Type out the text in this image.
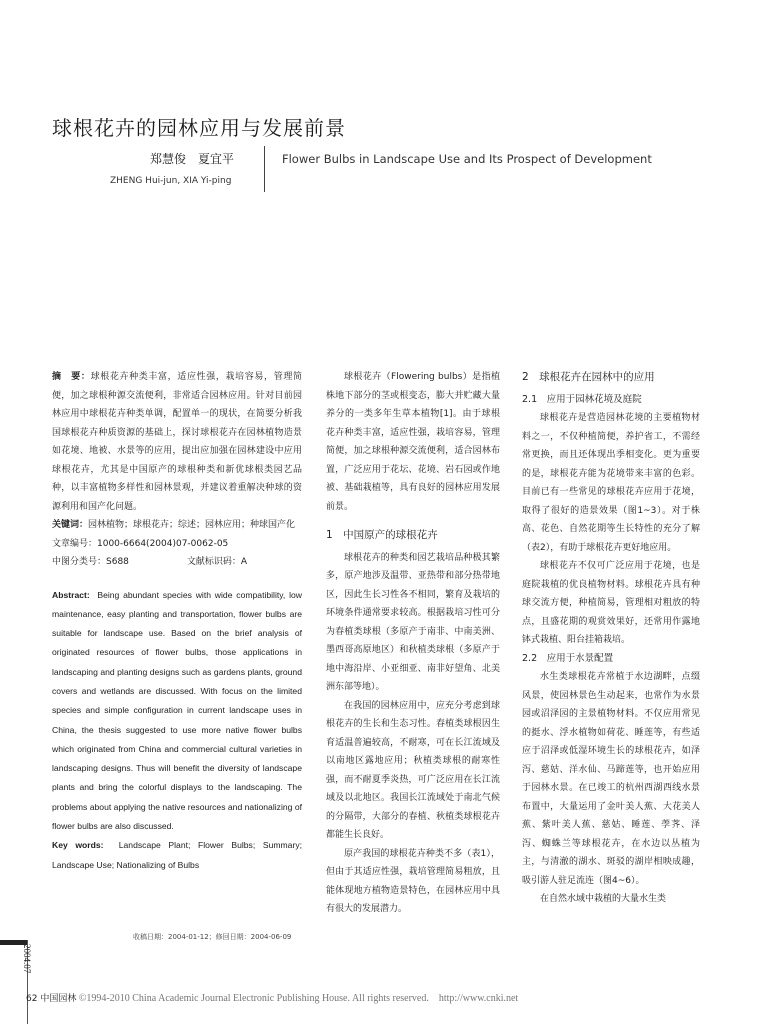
球根花卉的园林应用与发展前景
郑慧俊　夏宜平
ZHENG Hui-jun, XIA Yi-ping
Flower Bulbs in Landscape Use and Its Prospect of Development

摘　要：球根花卉种类丰富，适应性强，栽培容易，管理简便，加之球根种源交流便利，非常适合园林应用。针对目前园林应用中球根花卉种类单调，配置单一的现状，在简要分析我国球根花卉种质资源的基础上，探讨球根花卉在园林植物造景如花境、地被、水景等的应用，提出应加强在园林建设中应用球根花卉，尤其是中国原产的球根种类和新优球根类园艺品种，以丰富植物多样性和园林景观，并建议着重解决种球的资源利用和国产化问题。

关键词：园林植物；球根花卉；综述；园林应用；种球国产化

文章编号：1000-6664(2004)07-0062-05

中图分类号：S688	文献标识码：A

Abstract: Being abundant species with wide compatibility, low maintenance, easy planting and transportation, flower bulbs are suitable for landscape use. Based on the brief analysis of originated resources of flower bulbs, those applications in landscaping and planting designs such as gardens plants, ground covers and wetlands are discussed. With focus on the limited species and simple configuration in current landscape uses in China, the thesis suggested to use more native flower bulbs which originated from China and commercial cultural varieties in landscaping designs. Thus will benefit the diversity of landscape plants and bring the colorful displays to the landscaping. The problems about applying the native resources and nationalizing of flower bulbs are also discussed.

Key words: Landscape Plant; Flower Bulbs; Summary; Landscape Use; Nationalizing of Bulbs

球根花卉（Flowering bulbs）是指植株地下部分的茎或根变态，膨大并贮藏大量养分的一类多年生草本植物[1]。由于球根花卉种类丰富，适应性强，栽培容易，管理简便，加之球根种源交流便利，适合园林布置，广泛应用于花坛、花境、岩石园或作地被、基础栽植等，具有良好的园林应用发展前景。

1　中国原产的球根花卉

球根花卉的种类和园艺栽培品种极其繁多，原产地涉及温带、亚热带和部分热带地区，因此生长习性各不相同，繁育及栽培的环境条件通常要求较高。根据栽培习性可分为春植类球根（多原产于南非、中南美洲、墨西哥高原地区）和秋植类球根（多原产于地中海沿岸、小亚细亚、南非好望角、北美洲东部等地）。

在我国的园林应用中，应充分考虑到球根花卉的生长和生态习性。春植类球根因生育适温普遍较高，不耐寒，可在长江流域及以南地区露地应用；秋植类球根的耐寒性强，而不耐夏季炎热，可广泛应用在长江流域及以北地区。我国长江流域处于南北气候的分隔带，大部分的春植、秋植类球根花卉都能生长良好。

原产我国的球根花卉种类不多（表1），但由于其适应性强，栽培管理简易粗放，且能体现地方植物造景特色，在园林应用中具有很大的发展潜力。

2　球根花卉在园林中的应用

2.1　应用于园林花境及庭院

球根花卉是营造园林花境的主要植物材料之一，不仅种植简便，养护省工，不需经常更换，而且还体现出季相变化。更为重要的是，球根花卉能为花境带来丰富的色彩。目前已有一些常见的球根花卉应用于花境，取得了很好的造景效果（图1~3）。对于株高、花色、自然花期等生长特性的充分了解（表2），有助于球根花卉更好地应用。

球根花卉不仅可广泛应用于花境，也是庭院栽植的优良植物材料。球根花卉具有种球交流方便，种植简易，管理相对粗放的特点，且盛花期的观赏效果好，还常用作露地钵式栽植、阳台挂箱栽培。

2.2　应用于水景配置

水生类球根花卉常植于水边湖畔，点缀风景，使园林景色生动起来，也常作为水景园或沼泽园的主景植物材料。不仅应用常见的挺水、浮水植物如荷花、睡莲等，有些适应于沼泽或低湿环境生长的球根花卉，如泽泻、慈姑、洋水仙、马蹄莲等，也开始应用于园林水景。在已竣工的杭州西湖西线水景布置中，大量运用了金叶美人蕉、大花美人蕉、紫叶美人蕉、慈姑、睡莲、荸荠、泽泻、蜘蛛兰等球根花卉，在水边以丛植为主，与清澈的湖水、斑驳的湖岸相映成趣，吸引游人驻足流连（图4~6）。

在自然水域中栽植的大量水生类

收稿日期：2004-01-12；修回日期：2004-06-09
2004.07
62 中国园林 ©1994-2010 China Academic Journal Electronic Publishing House. All rights reserved.　http://www.cnki.net
